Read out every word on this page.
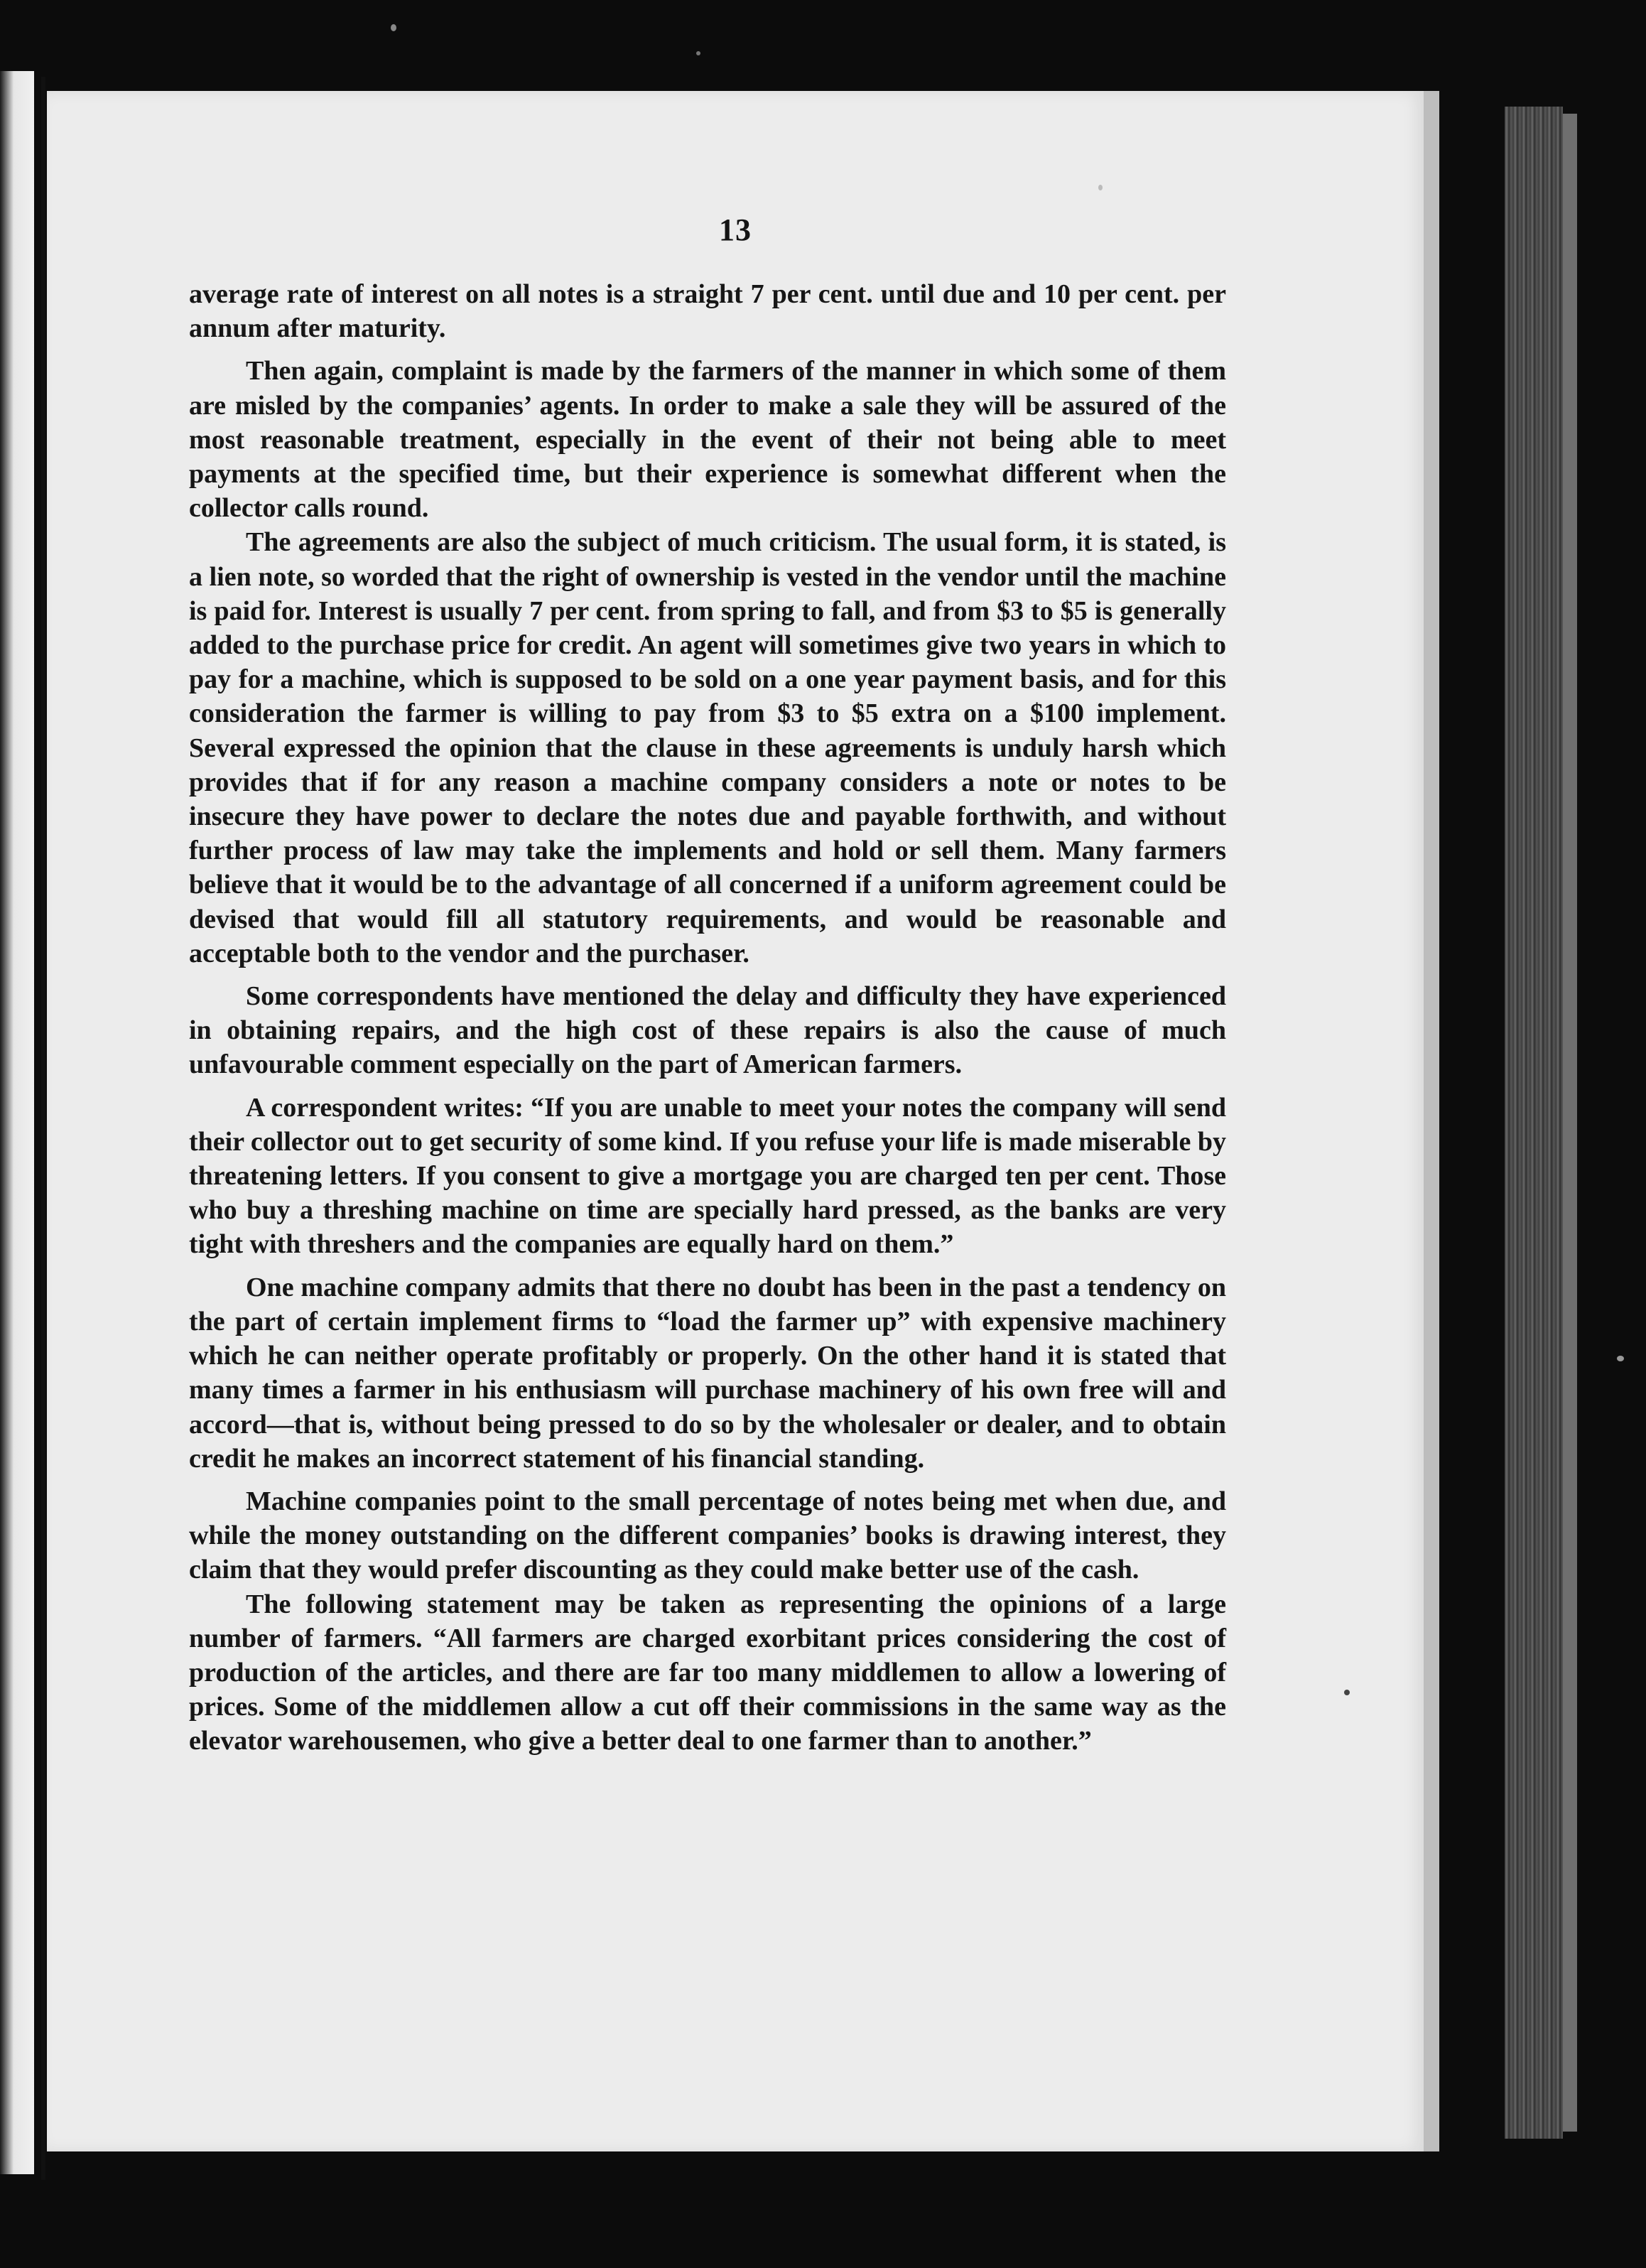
13

average rate of interest on all notes is a straight 7 per cent. until due and 10 per cent. per annum after maturity.

Then again, complaint is made by the farmers of the manner in which some of them are misled by the companies’ agents. In order to make a sale they will be assured of the most reasonable treatment, especially in the event of their not being able to meet payments at the specified time, but their experience is somewhat different when the collector calls round.

The agreements are also the subject of much criticism. The usual form, it is stated, is a lien note, so worded that the right of ownership is vested in the vendor until the machine is paid for. Interest is usually 7 per cent. from spring to fall, and from $3 to $5 is generally added to the purchase price for credit. An agent will sometimes give two years in which to pay for a machine, which is supposed to be sold on a one year payment basis, and for this consideration the farmer is willing to pay from $3 to $5 extra on a $100 implement. Several expressed the opinion that the clause in these agreements is unduly harsh which provides that if for any reason a machine company considers a note or notes to be insecure they have power to declare the notes due and payable forthwith, and without further process of law may take the implements and hold or sell them. Many farmers believe that it would be to the advantage of all concerned if a uniform agreement could be devised that would fill all statutory requirements, and would be reasonable and acceptable both to the vendor and the purchaser.

Some correspondents have mentioned the delay and difficulty they have experienced in obtaining repairs, and the high cost of these repairs is also the cause of much unfavourable comment especially on the part of American farmers.

A correspondent writes: “If you are unable to meet your notes the company will send their collector out to get security of some kind. If you refuse your life is made miserable by threatening letters. If you consent to give a mortgage you are charged ten per cent. Those who buy a threshing machine on time are specially hard pressed, as the banks are very tight with threshers and the companies are equally hard on them.”

One machine company admits that there no doubt has been in the past a tendency on the part of certain implement firms to “load the farmer up” with expensive machinery which he can neither operate profitably or properly. On the other hand it is stated that many times a farmer in his enthusiasm will purchase machinery of his own free will and accord—that is, without being pressed to do so by the wholesaler or dealer, and to obtain credit he makes an incorrect statement of his financial standing.

Machine companies point to the small percentage of notes being met when due, and while the money outstanding on the different companies’ books is drawing interest, they claim that they would prefer discounting as they could make better use of the cash.

The following statement may be taken as representing the opinions of a large number of farmers. “All farmers are charged exorbitant prices considering the cost of production of the articles, and there are far too many middlemen to allow a lowering of prices. Some of the middlemen allow a cut off their commissions in the same way as the elevator warehousemen, who give a better deal to one farmer than to another.”
